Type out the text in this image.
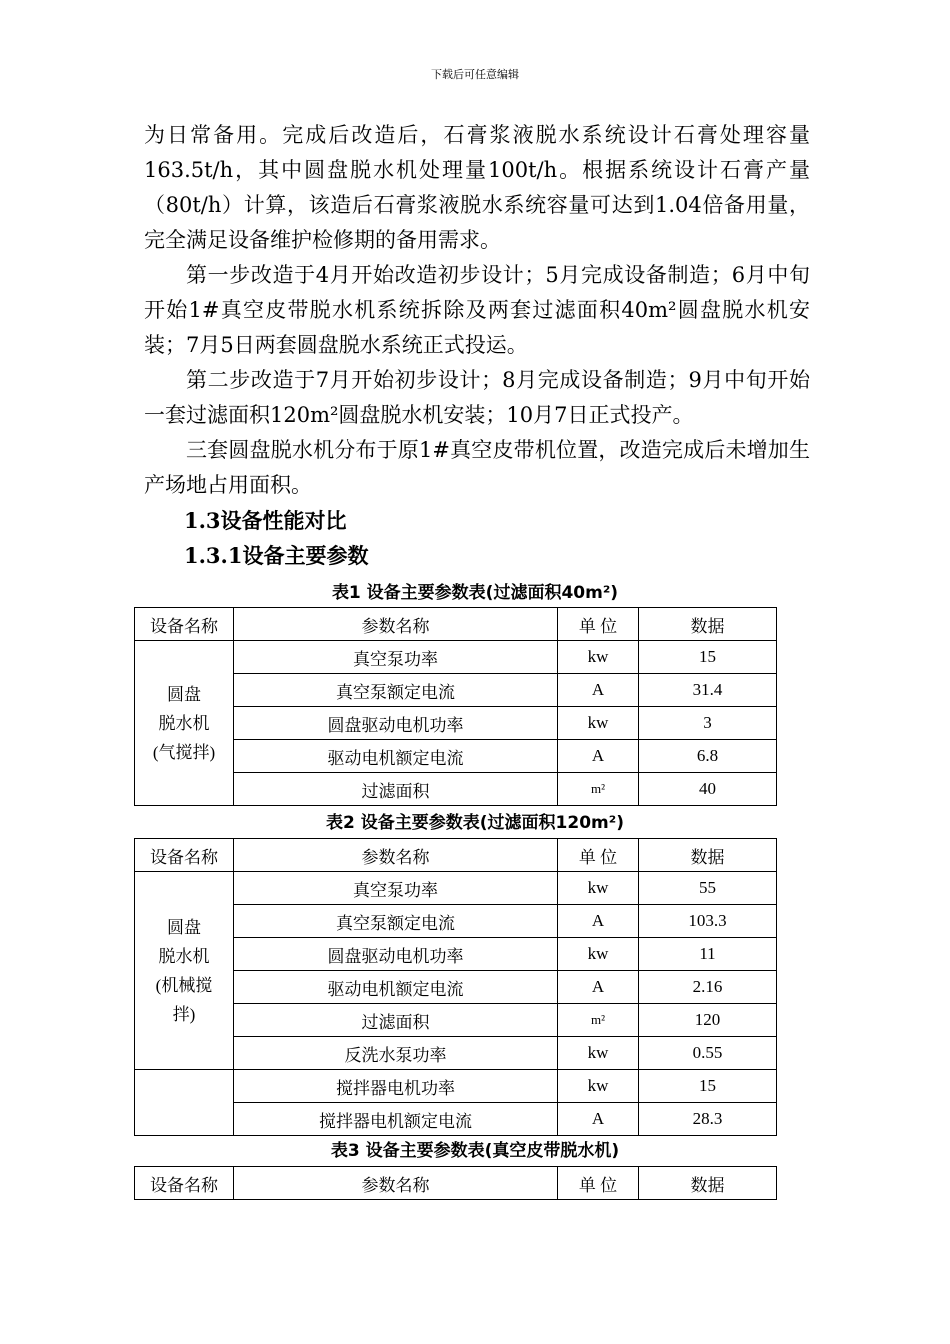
下载后可任意编辑

为日常备用。完成后改造后，石膏浆液脱水系统设计石膏处理容量163.5t/h，其中圆盘脱水机处理量100t/h。根据系统设计石膏产量（80t/h）计算，该造后石膏浆液脱水系统容量可达到1.04倍备用量，完全满足设备维护检修期的备用需求。

第一步改造于4月开始改造初步设计；5月完成设备制造；6月中旬开始1#真空皮带脱水机系统拆除及两套过滤面积40m²圆盘脱水机安装；7月5日两套圆盘脱水系统正式投运。

第二步改造于7月开始初步设计；8月完成设备制造；9月中旬开始一套过滤面积120m²圆盘脱水机安装；10月7日正式投产。

三套圆盘脱水机分布于原1#真空皮带机位置，改造完成后未增加生产场地占用面积。

1.3设备性能对比
1.3.1设备主要参数
表1 设备主要参数表(过滤面积40m²)
设备名称	参数名称	单 位	数据

圆盘
脱水机
(气搅拌)	真空泵功率	kw	15
	真空泵额定电流	A	31.4
	圆盘驱动电机功率	kw	3
	驱动电机额定电流	A	6.8
	过滤面积	m²	40
表2 设备主要参数表(过滤面积120m²)
设备名称	参数名称	单 位	数据

圆盘
脱水机
(机械搅
拌)	真空泵功率	kw	55
	真空泵额定电流	A	103.3
	圆盘驱动电机功率	kw	11
	驱动电机额定电流	A	2.16
	过滤面积	m²	120
	反洗水泵功率	kw	0.55
	搅拌器电机功率	kw	15
	搅拌器电机额定电流	A	28.3
表3 设备主要参数表(真空皮带脱水机)
设备名称	参数名称	单 位	数据
